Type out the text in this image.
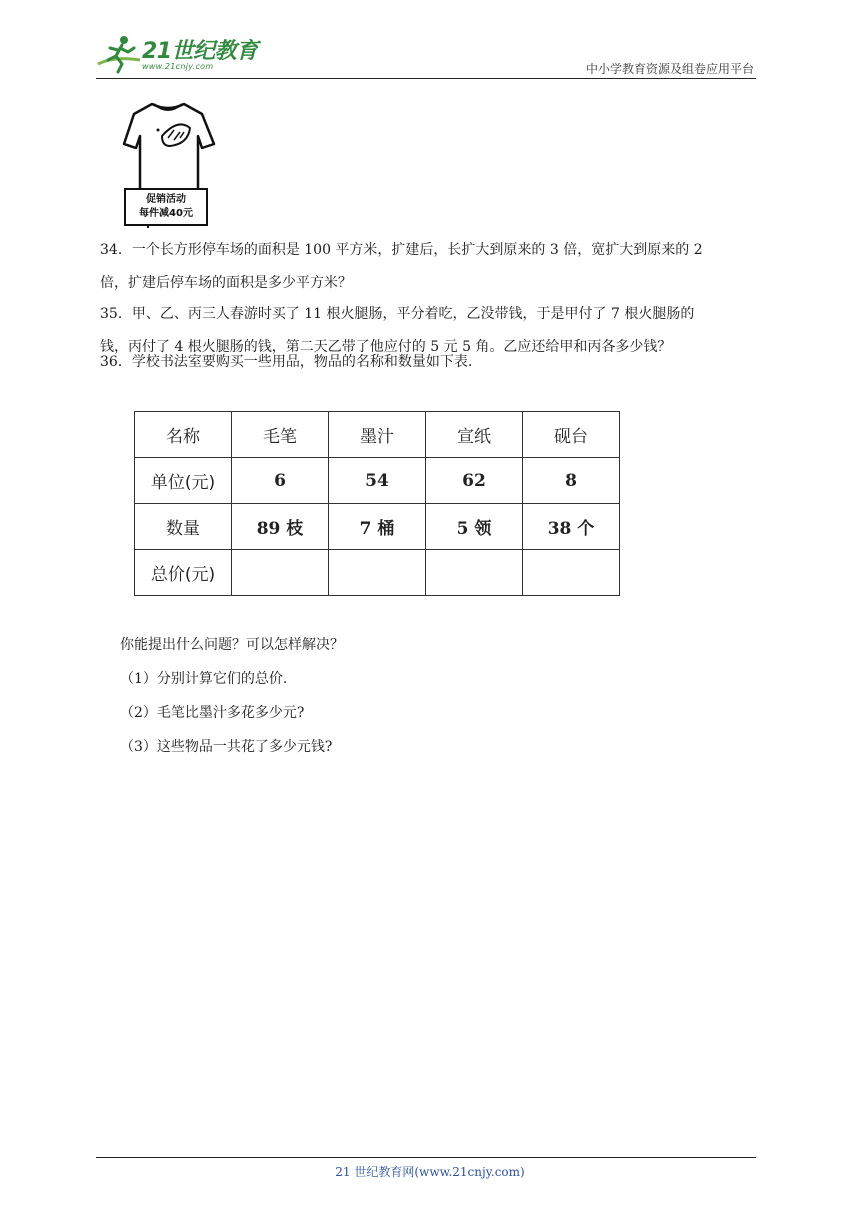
21世纪教育
www.21cnjy.com	中小学教育资源及组卷应用平台
促销活动
每件减40元
34．一个长方形停车场的面积是 100 平方米，扩建后，长扩大到原来的 3 倍，宽扩大到原来的 2
倍，扩建后停车场的面积是多少平方米？
35．甲、乙、丙三人春游时买了 11 根火腿肠，平分着吃，乙没带钱，于是甲付了 7 根火腿肠的
钱，丙付了 4 根火腿肠的钱，第二天乙带了他应付的 5 元 5 角。乙应还给甲和丙各多少钱？
36．学校书法室要购买一些用品，物品的名称和数量如下表.
名称	毛笔	墨汁	宣纸	砚台
单位(元)	6	54	62	8
数量	89 枝	7 桶	5 领	38 个
总价(元)				
你能提出什么问题？可以怎样解决？
（1）分别计算它们的总价.
（2）毛笔比墨汁多花多少元?
（3）这些物品一共花了多少元钱?
21 世纪教育网(www.21cnjy.com)
